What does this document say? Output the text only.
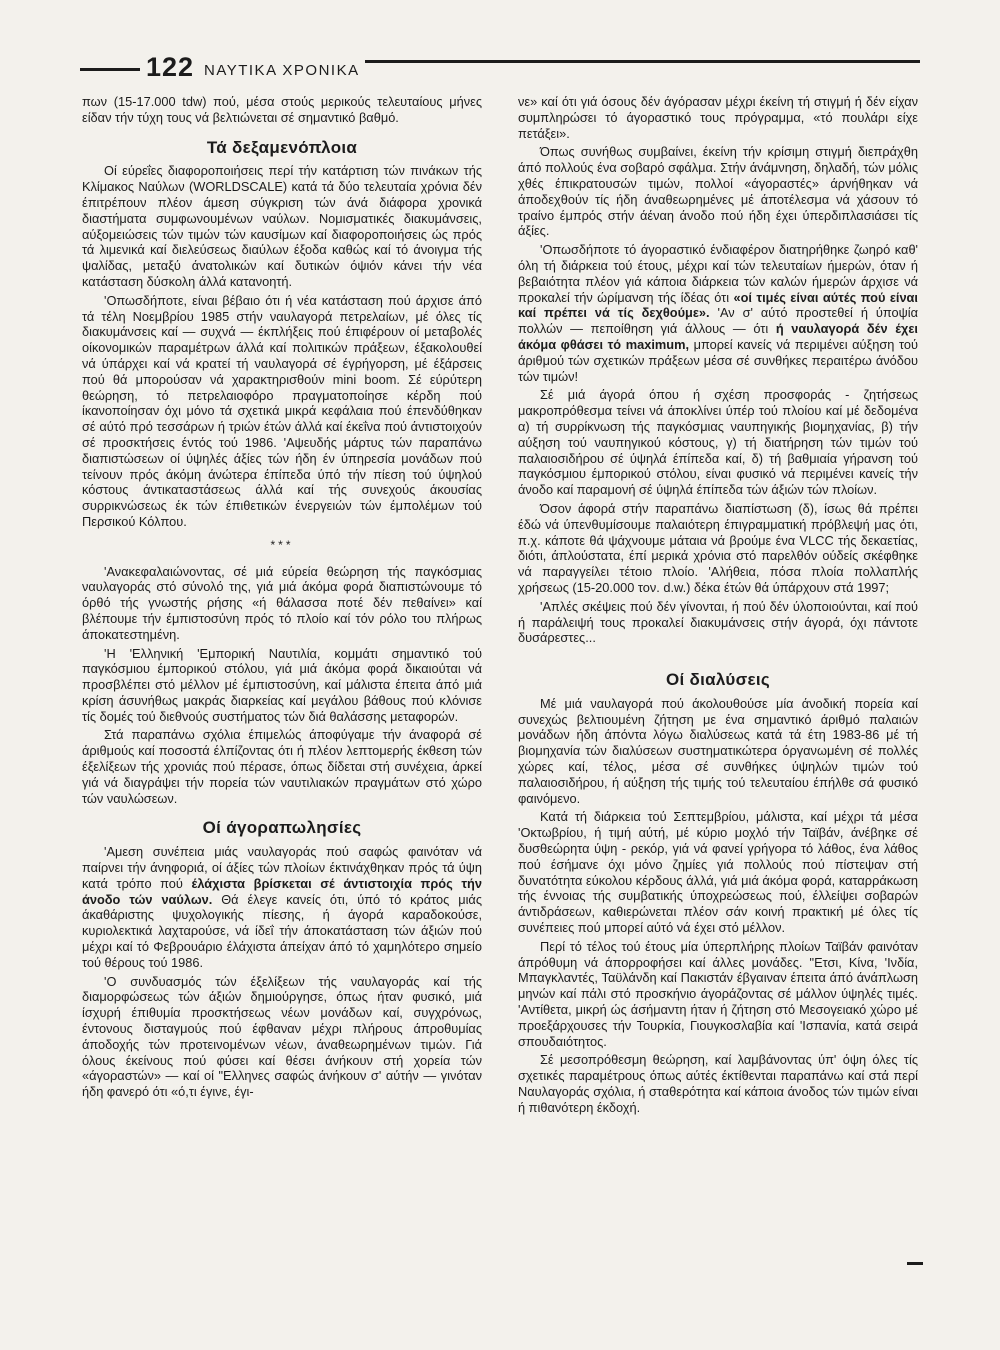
122 ΝΑΥΤΙΚΑ ΧΡΟΝΙΚΑ

πων (15-17.000 tdw) πού, μέσα στούς μερικούς τελευταίους μήνες είδαν τήν τύχη τους νά βελτιώνεται σέ σημαντικό βαθμό.

Τά δεξαμενόπλοια

Οί εύρεΐες διαφοροποιήσεις περί τήν κατάρτιση τών πινάκων τής Κλίμακος Ναύλων (WORLDSCALE) κατά τά δύο τελευταία χρόνια δέν έπιτρέπουν πλέον άμεση σύγκριση τών άνά διάφορα χρονικά διαστήματα συμφωνουμένων ναύλων. Νομισματικές διακυμάνσεις, αύξομειώσεις τών τιμών τών καυσίμων καί διαφοροποιήσεις ώς πρός τά λιμενικά καί διελεύσεως διαύλων έξοδα καθώς καί τό άνοιγμα τής ψαλίδας, μεταξύ άνατολικών καί δυτικών όψιόν κάνει τήν νέα κατάσταση δύσκολη άλλά κατανοητή.

'Οπωσδήποτε, είναι βέβαιο ότι ή νέα κατάσταση πού άρχισε άπό τά τέλη Νοεμβρίου 1985 στήν ναυλαγορά πετρελαίων, μέ όλες τίς διακυμάνσεις καί — συχνά — έκπλήξεις πού έπιφέρουν οί μεταβολές οίκονομικών παραμέτρων άλλά καί πολιτικών πράξεων, έξακολουθεί νά ύπάρχει καί νά κρατεί τή ναυλαγορά σέ έγρήγορση, μέ έξάρσεις πού θά μπορούσαν νά χαρακτηρισθούν mini boom. Σέ εύρύτερη θεώρηση, τό πετρελαιοφόρο πραγματοποίησε κέρδη πού ίκανοποίησαν όχι μόνο τά σχετικά μικρά κεφάλαια πού έπενδύθηκαν σέ αύτό πρό τεσσάρων ή τριών έτών άλλά καί έκεΐνα πού άντιστοιχούν σέ προσκτήσεις έντός τού 1986. 'Αψευδής μάρτυς τών παραπάνω διαπιστώσεων οί ύψηλές άξίες τών ήδη έν ύπηρεσία μονάδων πού τείνουν πρός άκόμη άνώτερα έπίπεδα ύπό τήν πίεση τού ύψηλού κόστους άντικαταστάσεως άλλά καί τής συνεχούς άκουσίας συρρικνώσεως έκ τών έπιθετικών ένεργειών τών έμπολέμων τού Περσικού Κόλπου.

***

'Ανακεφαλαιώνοντας, σέ μιά εύρεία θεώρηση τής παγκόσμιας ναυλαγοράς στό σύνολό της, γιά μιά άκόμα φορά διαπιστώνουμε τό όρθό τής γνωστής ρήσης «ή θάλασσα ποτέ δέν πεθαίνει» καί βλέπουμε τήν έμπιστοσύνη πρός τό πλοίο καί τόν ρόλο του πλήρως άποκατεστημένη.

'Η 'Ελληνική 'Εμπορική Ναυτιλία, κομμάτι σημαντικό τού παγκόσμιου έμπορικού στόλου, γιά μιά άκόμα φορά δικαιούται νά προσβλέπει στό μέλλον μέ έμπιστοσύνη, καί μάλιστα έπειτα άπό μιά κρίση άσυνήθως μακράς διαρκείας καί μεγάλου βάθους πού κλόνισε τίς δομές τού διεθνούς συστήματος τών διά θαλάσσης μεταφορών.

Στά παραπάνω σχόλια έπιμελώς άποφύγαμε τήν άναφορά σέ άριθμούς καί ποσοστά έλπίζοντας ότι ή πλέον λεπτομερής έκθεση τών έξελίξεων τής χρονιάς πού πέρασε, όπως δίδεται στή συνέχεια, άρκεί γιά νά διαγράψει τήν πορεία τών ναυτιλιακών πραγμάτων στό χώρο τών ναυλώσεων.

Οί άγοραπωλησίες

'Αμεση συνέπεια μιάς ναυλαγοράς πού σαφώς φαινόταν νά παίρνει τήν άνηφοριά, οί άξίες τών πλοίων έκτινάχθηκαν πρός τά ύψη κατά τρόπο πού έλάχιστα βρίσκεται σέ άντιστοιχία πρός τήν άνοδο τών ναύλων. Θά έλεγε κανείς ότι, ύπό τό κράτος μιάς άκαθάριστης ψυχολογικής πίεσης, ή άγορά καραδοκούσε, κυριολεκτικά λαχταρούσε, νά ίδεΐ τήν άποκατάσταση τών άξιών πού μέχρι καί τό Φεβρουάριο έλάχιστα άπείχαν άπό τό χαμηλότερο σημείο τού θέρους τού 1986.

'Ο συνδυασμός τών έξελίξεων τής ναυλαγοράς καί τής διαμορφώσεως τών άξιών δημιούργησε, όπως ήταν φυσικό, μιά ίσχυρή έπιθυμία προσκτήσεως νέων μονάδων καί, συγχρόνως, έντονους δισταγμούς πού έφθαναν μέχρι πλήρους άπροθυμίας άποδοχής τών προτεινομένων νέων, άναθεωρημένων τιμών. Γιά όλους έκείνους πού φύσει καί θέσει άνήκουν στή χορεία τών «άγοραστών» — καί οί "Ελληνες σαφώς άνήκουν σ' αύτήν — γινόταν ήδη φανερό ότι «ό,τι έγινε, έγι-

νε» καί ότι γιά όσους δέν άγόρασαν μέχρι έκείνη τή στιγμή ή δέν είχαν συμπληρώσει τό άγοραστικό τους πρόγραμμα, «τό πουλάρι είχε πετάξει».

Όπως συνήθως συμβαίνει, έκείνη τήν κρίσιμη στιγμή διεπράχθη άπό πολλούς ένα σοβαρό σφάλμα. Στήν άνάμνηση, δηλαδή, τών μόλις χθές έπικρατουσών τιμών, πολλοί «άγοραστές» άρνήθηκαν νά άποδεχθούν τίς ήδη άναθεωρημένες μέ άποτέλεσμα νά χάσουν τό τραίνο έμπρός στήν άέναη άνοδο πού ήδη έχει ύπερδιπλασιάσει τίς άξίες.

'Οπωσδήποτε τό άγοραστικό ένδιαφέρον διατηρήθηκε ζωηρό καθ' όλη τή διάρκεια τού έτους, μέχρι καί τών τελευταίων ήμερών, όταν ή βεβαιότητα πλέον γιά κάποια διάρκεια τών καλών ήμερών άρχισε νά προκαλεί τήν ώρίμανση τής ίδέας ότι «οί τιμές είναι αύτές πού είναι καί πρέπει νά τίς δεχθούμε». 'Αν σ' αύτό προστεθεί ή ύποψία πολλών — πεποίθηση γιά άλλους — ότι ή ναυλαγορά δέν έχει άκόμα φθάσει τό maximum, μπορεί κανείς νά περιμένει αύξηση τού άριθμού τών σχετικών πράξεων μέσα σέ συνθήκες περαιτέρω άνόδου τών τιμών!

Σέ μιά άγορά όπου ή σχέση προσφοράς - ζητήσεως μακροπρόθεσμα τείνει νά άποκλίνει ύπέρ τού πλοίου καί μέ δεδομένα α) τή συρρίκνωση τής παγκόσμιας ναυπηγικής βιομηχανίας, β) τήν αύξηση τού ναυπηγικού κόστους, γ) τή διατήρηση τών τιμών τού παλαιοσιδήρου σέ ύψηλά έπίπεδα καί, δ) τή βαθμιαία γήρανση τού παγκόσμιου έμπορικού στόλου, είναι φυσικό νά περιμένει κανείς τήν άνοδο καί παραμονή σέ ύψηλά έπίπεδα τών άξιών τών πλοίων.

Όσον άφορά στήν παραπάνω διαπίστωση (δ), ίσως θά πρέπει έδώ νά ύπενθυμίσουμε παλαιότερη έπιγραμματική πρόβλεψή μας ότι, π.χ. κάποτε θά ψάχνουμε μάταια νά βρούμε ένα VLCC τής δεκαετίας, διότι, άπλούστατα, έπί μερικά χρόνια στό παρελθόν ούδείς σκέφθηκε νά παραγγείλει τέτοιο πλοίο. 'Αλήθεια, πόσα πλοία πολλαπλής χρήσεως (15-20.000 τον. d.w.) δέκα έτών θά ύπάρχουν στά 1997;

'Απλές σκέψεις πού δέν γίνονται, ή πού δέν ύλοποιούνται, καί πού ή παράλειψή τους προκαλεί διακυμάνσεις στήν άγορά, όχι πάντοτε δυσάρεστες...

Οί διαλύσεις

Μέ μιά ναυλαγορά πού άκολουθούσε μία άνοδική πορεία καί συνεχώς βελτιουμένη ζήτηση με ένα σημαντικό άριθμό παλαιών μονάδων ήδη άπόντα λόγω διαλύσεως κατά τά έτη 1983-86 μέ τή βιομηχανία τών διαλύσεων συστηματικώτερα όργανωμένη σέ πολλές χώρες καί, τέλος, μέσα σέ συνθήκες ύψηλών τιμών τού παλαιοσιδήρου, ή αύξηση τής τιμής τού τελευταίου έπήλθε σά φυσικό φαινόμενο.

Κατά τή διάρκεια τού Σεπτεμβρίου, μάλιστα, καί μέχρι τά μέσα 'Οκτωβρίου, ή τιμή αύτή, μέ κύριο μοχλό τήν Ταϊβάν, άνέβηκε σέ δυσθεώρητα ύψη - ρεκόρ, γιά νά φανεί γρήγορα τό λάθος, ένα λάθος πού έσήμανε όχι μόνο ζημίες γιά πολλούς πού πίστεψαν στή δυνατότητα εύκολου κέρδους άλλά, γιά μιά άκόμα φορά, καταρράκωση τής έννοιας τής συμβατικής ύποχρεώσεως πού, έλλείψει σοβαρών άντιδράσεων, καθιερώνεται πλέον σάν κοινή πρακτική μέ όλες τίς συνέπειες πού μπορεί αύτό νά έχει στό μέλλον.

Περί τό τέλος τού έτους μία ύπερπλήρης πλοίων Ταϊβάν φαινόταν άπρόθυμη νά άπορροφήσει καί άλλες μονάδες. "Ετσι, Κίνα, 'Ινδία, Μπαγκλαντές, Ταϋλάνδη καί Πακιστάν έβγαιναν έπειτα άπό άνάπλωση μηνών καί πάλι στό προσκήνιο άγοράζοντας σέ μάλλον ύψηλές τιμές. 'Αντίθετα, μικρή ώς άσήμαντη ήταν ή ζήτηση στό Μεσογειακό χώρο μέ προεξάρχουσες τήν Τουρκία, Γιουγκοσλαβία καί 'Ισπανία, κατά σειρά σπουδαιότητος.

Σέ μεσοπρόθεσμη θεώρηση, καί λαμβάνοντας ύπ' όψη όλες τίς σχετικές παραμέτρους όπως αύτές έκτίθενται παραπάνω καί στά περί Ναυλαγοράς σχόλια, ή σταθερότητα καί κάποια άνοδος τών τιμών είναι ή πιθανότερη έκδοχή.
